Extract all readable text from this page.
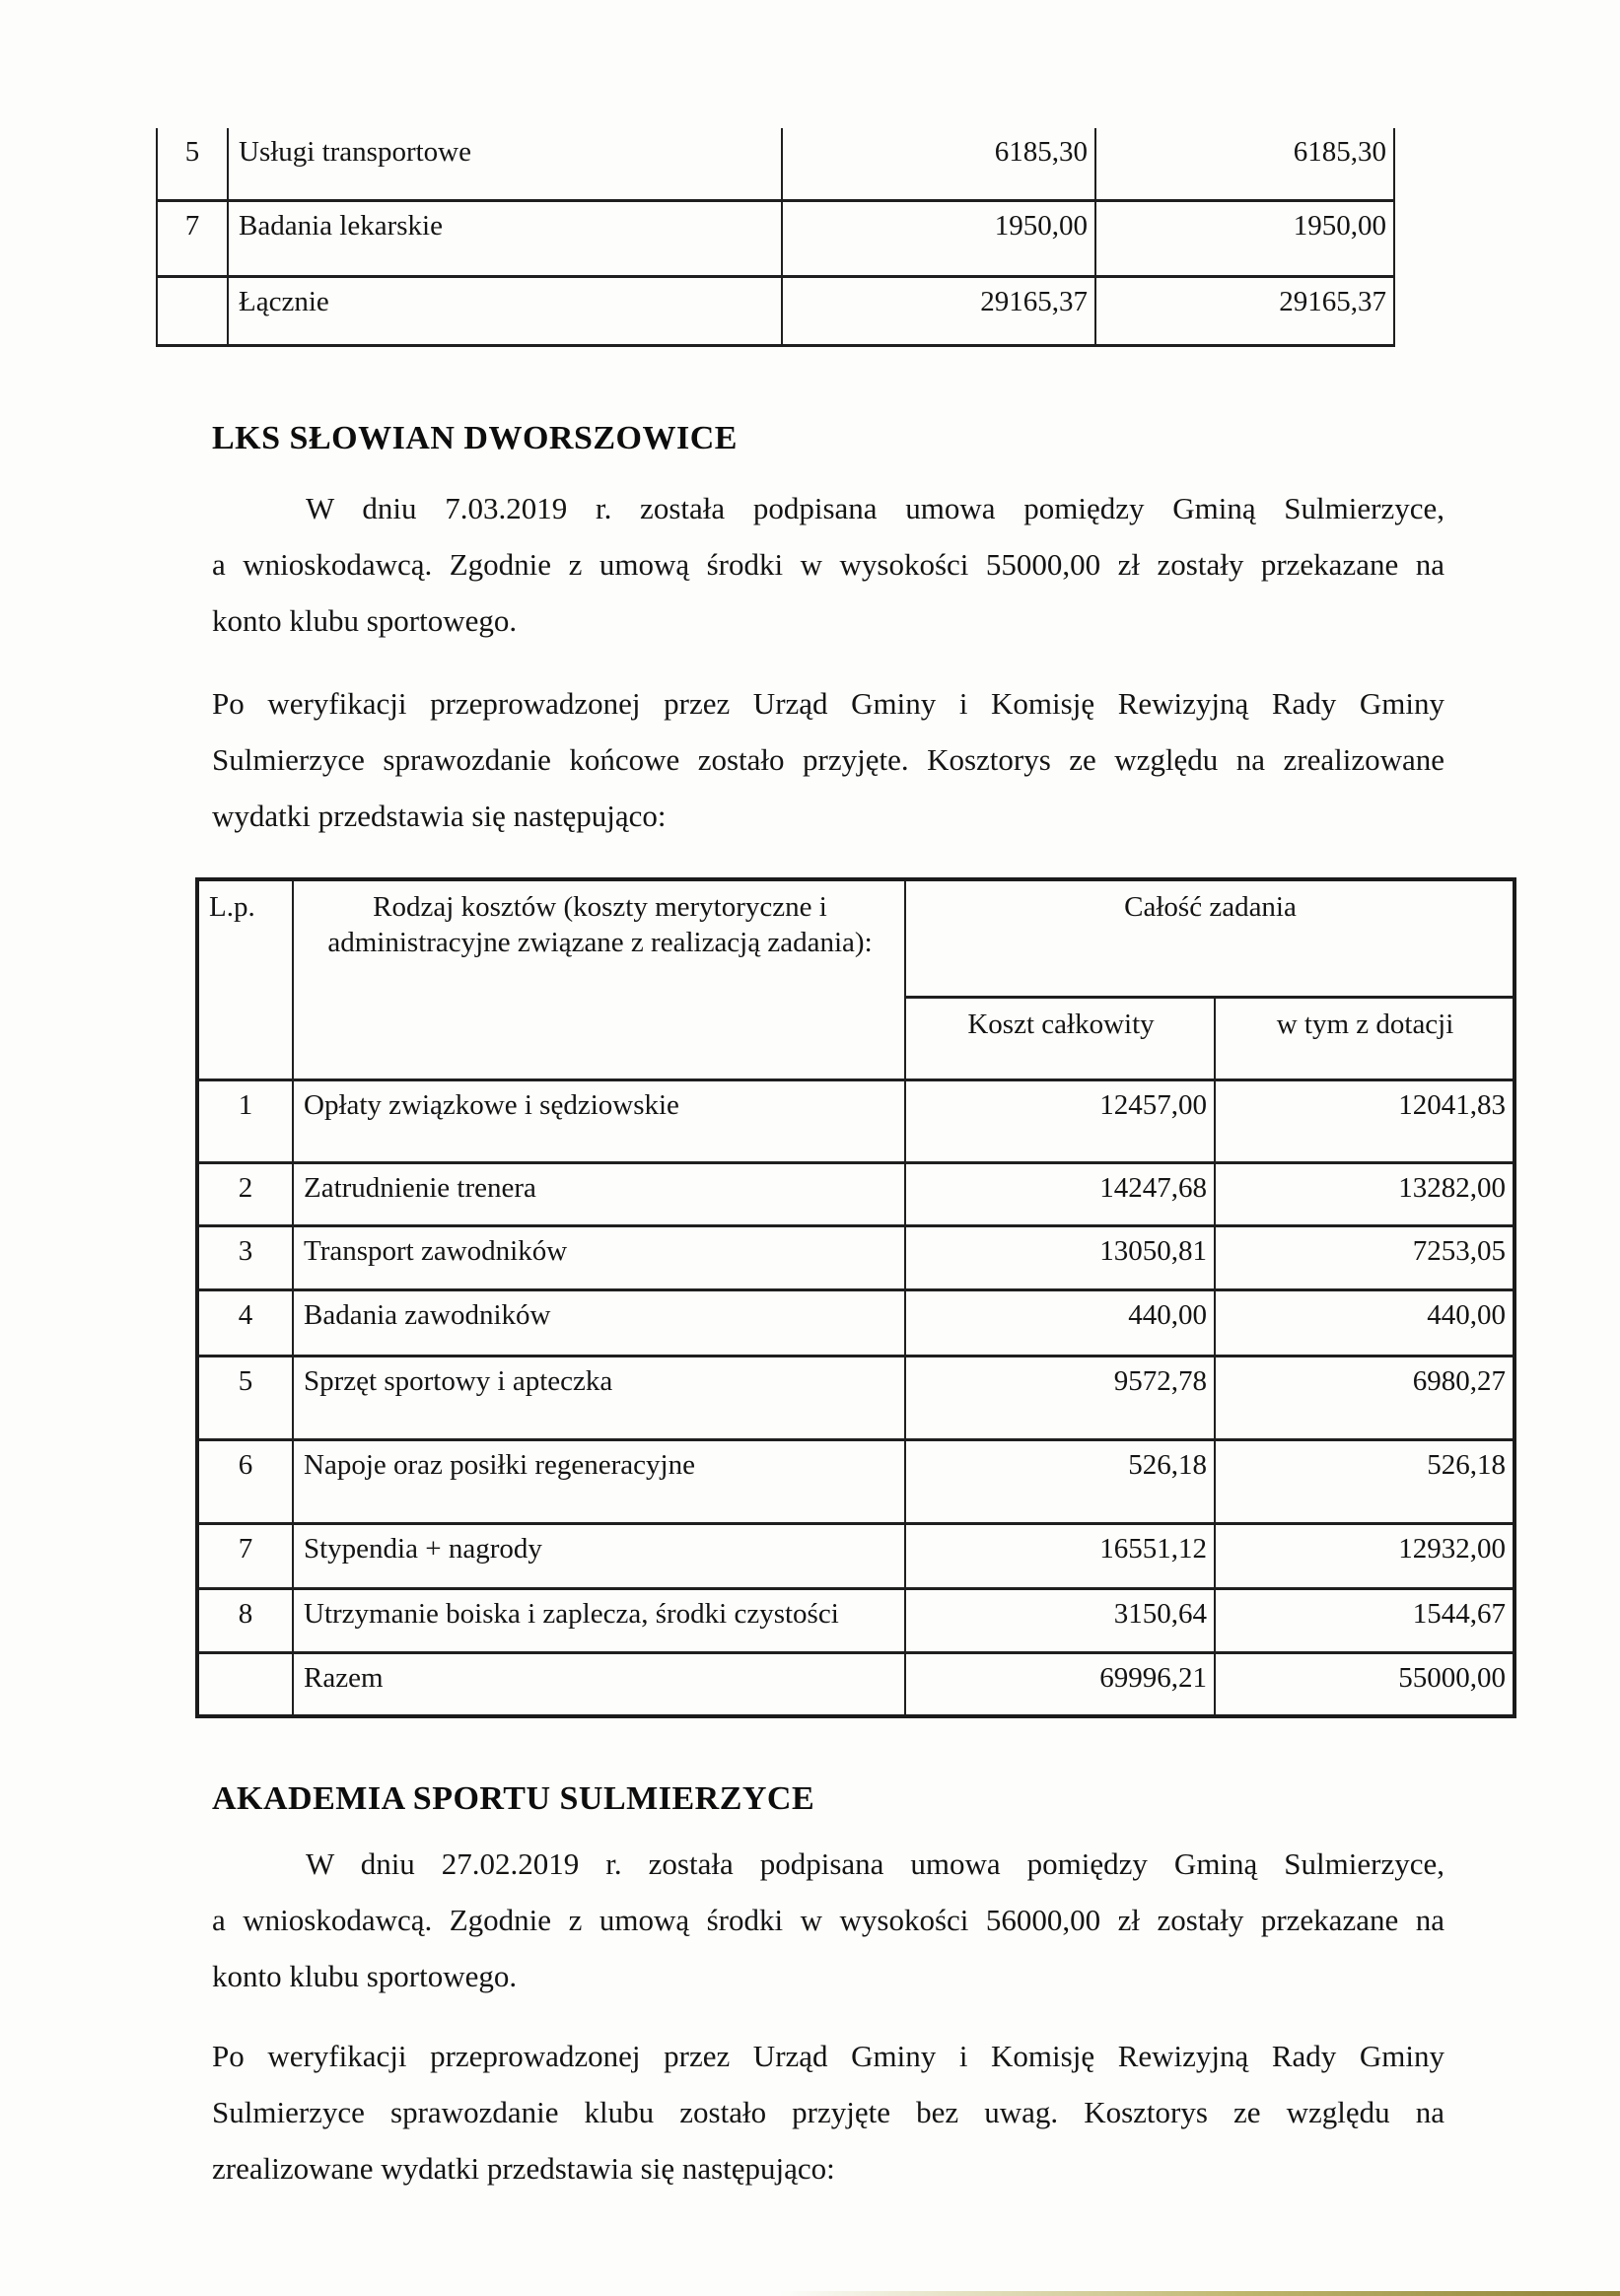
5	Usługi transportowe	6185,30	6185,30
7	Badania lekarskie	1950,00	1950,00
	Łącznie	29165,37	29165,37
LKS SŁOWIAN DWORSZOWICE
W dniu 7.03.2019 r. została podpisana umowa pomiędzy Gminą Sulmierzyce,
a wnioskodawcą. Zgodnie z umową środki w wysokości 55000,00 zł zostały przekazane na
konto klubu sportowego.
Po weryfikacji przeprowadzonej przez Urząd Gminy i Komisję Rewizyjną Rady Gminy
Sulmierzyce sprawozdanie końcowe zostało przyjęte. Kosztorys ze względu na zrealizowane
wydatki przedstawia się następująco:
L.p.	Rodzaj kosztów (koszty merytoryczne i administracyjne związane z realizacją zadania):	Całość zadania	
		Koszt całkowity	w tym z dotacji
1	Opłaty związkowe i sędziowskie	12457,00	12041,83
2	Zatrudnienie trenera	14247,68	13282,00
3	Transport zawodników	13050,81	7253,05
4	Badania zawodników	440,00	440,00
5	Sprzęt sportowy i apteczka	9572,78	6980,27
6	Napoje oraz posiłki regeneracyjne	526,18	526,18
7	Stypendia + nagrody	16551,12	12932,00
8	Utrzymanie boiska i zaplecza, środki czystości	3150,64	1544,67
	Razem	69996,21	55000,00
AKADEMIA SPORTU SULMIERZYCE
W dniu 27.02.2019 r. została podpisana umowa pomiędzy Gminą Sulmierzyce,
a wnioskodawcą. Zgodnie z umową środki w wysokości 56000,00 zł zostały przekazane na
konto klubu sportowego.
Po weryfikacji przeprowadzonej przez Urząd Gminy i Komisję Rewizyjną Rady Gminy
Sulmierzyce sprawozdanie klubu zostało przyjęte bez uwag. Kosztorys ze względu na
zrealizowane wydatki przedstawia się następująco:
